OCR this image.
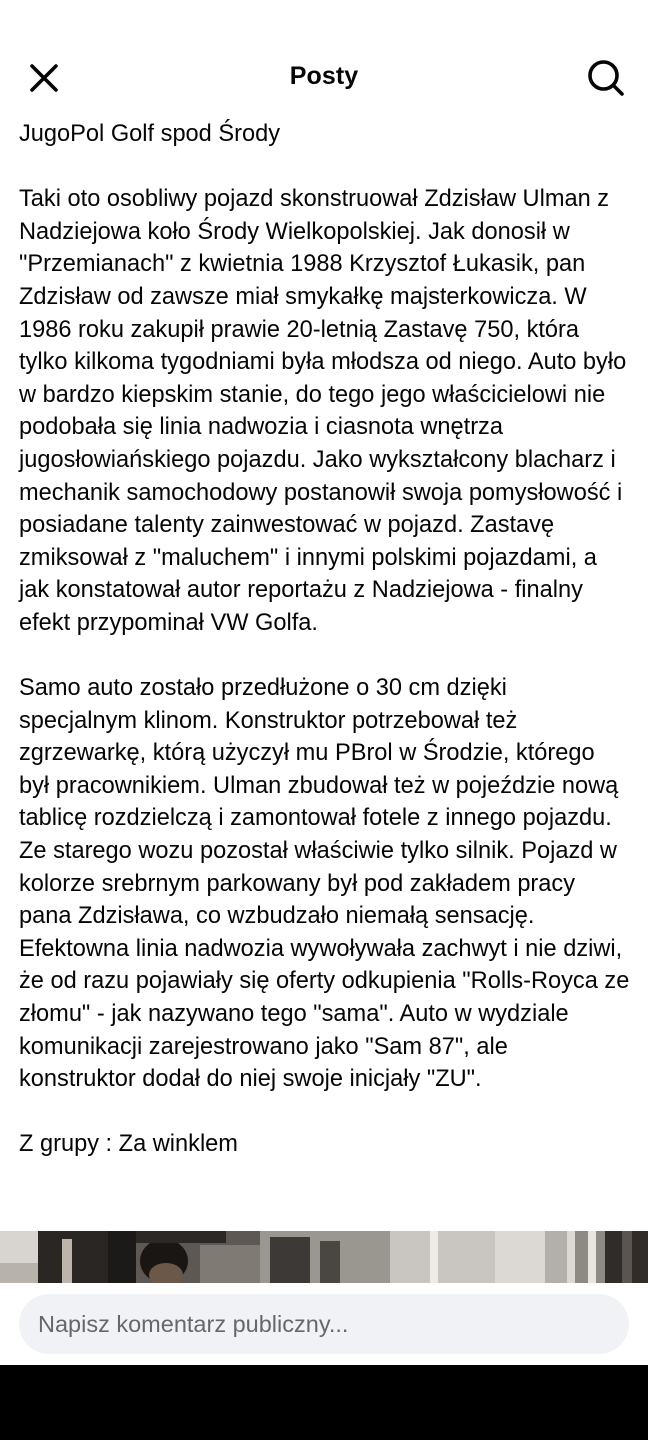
Posty
JugoPol Golf spod Środy

Taki oto osobliwy pojazd skonstruował Zdzisław Ulman z Nadziejowa koło Środy Wielkopolskiej. Jak donosił w "Przemianach" z kwietnia 1988 Krzysztof Łukasik, pan Zdzisław od zawsze miał smykałkę majsterkowicza. W 1986 roku zakupił prawie 20-letnią Zastavę 750, która tylko kilkoma tygodniami była młodsza od niego. Auto było w bardzo kiepskim stanie, do tego jego właścicielowi nie podobała się linia nadwozia i ciasnota wnętrza jugosłowiańskiego pojazdu. Jako wykształcony blacharz i mechanik samochodowy postanowił swoja pomysłowość i posiadane talenty zainwestować w pojazd. Zastavę zmiksował z "maluchem" i innymi polskimi pojazdami, a jak konstatował autor reportażu z Nadziejowa - finalny efekt przypominał VW Golfa.

Samo auto zostało przedłużone o 30 cm dzięki specjalnym klinom. Konstruktor potrzebował też zgrzewarkę, którą użyczył mu PBrol w Środzie, którego był pracownikiem. Ulman zbudował też w pojeździe nową tablicę rozdzielczą i zamontował fotele z innego pojazdu. Ze starego wozu pozostał właściwie tylko silnik. Pojazd w kolorze srebrnym parkowany był pod zakładem pracy pana Zdzisława, co wzbudzało niemałą sensację. Efektowna linia nadwozia wywoływała zachwyt i nie dziwi, że od razu pojawiały się oferty odkupienia "Rolls-Royca ze złomu" - jak nazywano tego "sama". Auto w wydziale komunikacji zarejestrowano jako "Sam 87", ale konstruktor dodał do niej swoje inicjały "ZU".

Z grupy : Za winklem
Napisz komentarz publiczny...
